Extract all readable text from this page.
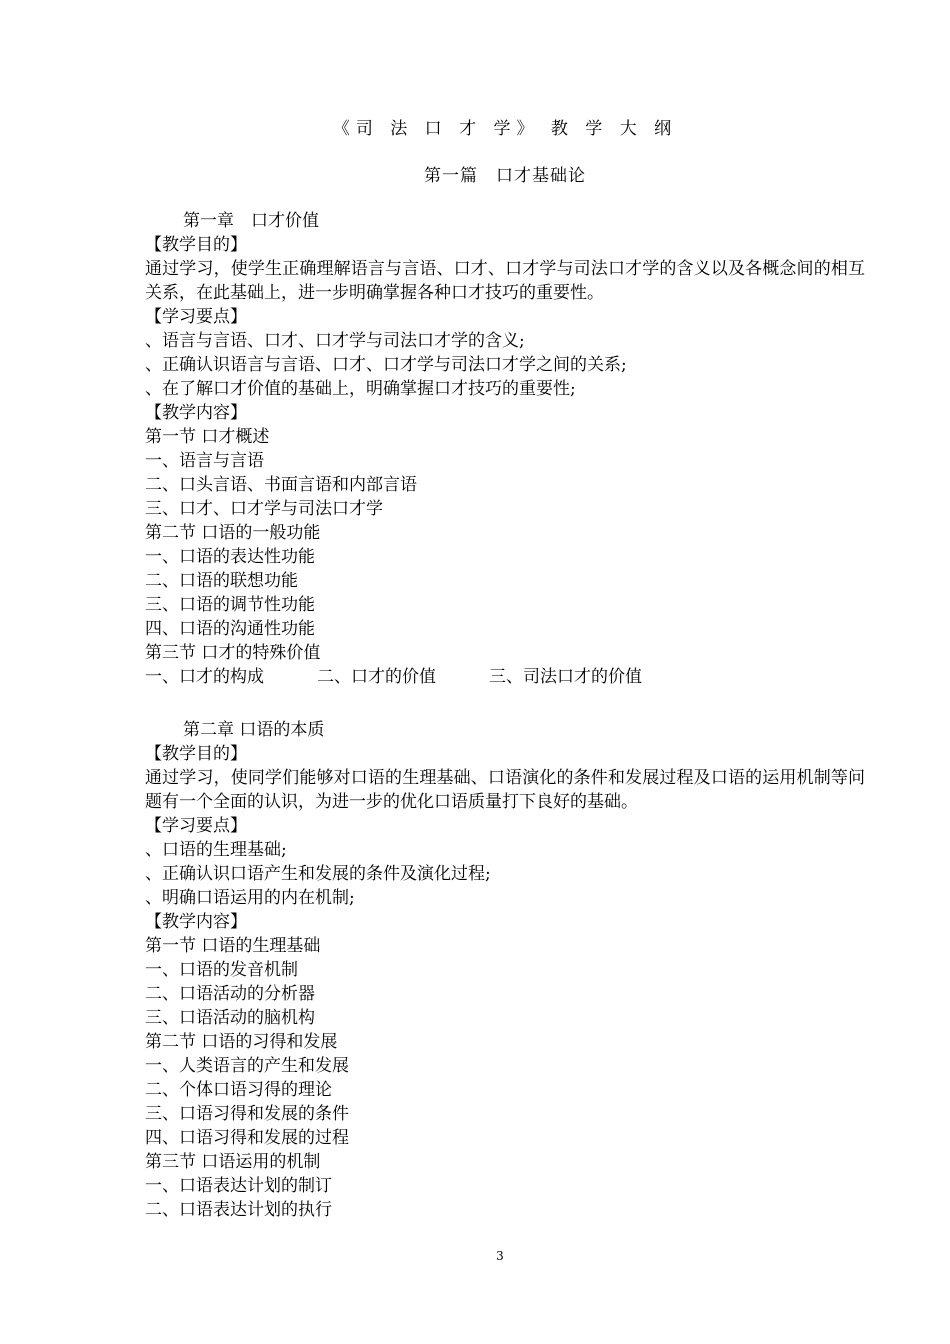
《司 法 口 才 学》 教 学 大 纲
第一篇　口才基础论
第一章　口才价值
【教学目的】
通过学习，使学生正确理解语言与言语、口才、口才学与司法口才学的含义以及各概念间的相互关系，在此基础上，进一步明确掌握各种口才技巧的重要性。
【学习要点】
、语言与言语、口才、口才学与司法口才学的含义;
、正确认识语言与言语、口才、口才学与司法口才学之间的关系;
、在了解口才价值的基础上，明确掌握口才技巧的重要性;
【教学内容】
第一节 口才概述
一、语言与言语
二、口头言语、书面言语和内部言语
三、口才、口才学与司法口才学
第二节 口语的一般功能
一、口语的表达性功能
二、口语的联想功能
三、口语的调节性功能
四、口语的沟通性功能
第三节 口才的特殊价值
一、口才的构成	二、口才的价值	三、司法口才的价值
第二章 口语的本质
【教学目的】
通过学习，使同学们能够对口语的生理基础、口语演化的条件和发展过程及口语的运用机制等问题有一个全面的认识，为进一步的优化口语质量打下良好的基础。
【学习要点】
、口语的生理基础;
、正确认识口语产生和发展的条件及演化过程;
、明确口语运用的内在机制;
【教学内容】
第一节 口语的生理基础
一、口语的发音机制
二、口语活动的分析器
三、口语活动的脑机构
第二节 口语的习得和发展
一、人类语言的产生和发展
二、个体口语习得的理论
三、口语习得和发展的条件
四、口语习得和发展的过程
第三节 口语运用的机制
一、口语表达计划的制订
二、口语表达计划的执行
3
